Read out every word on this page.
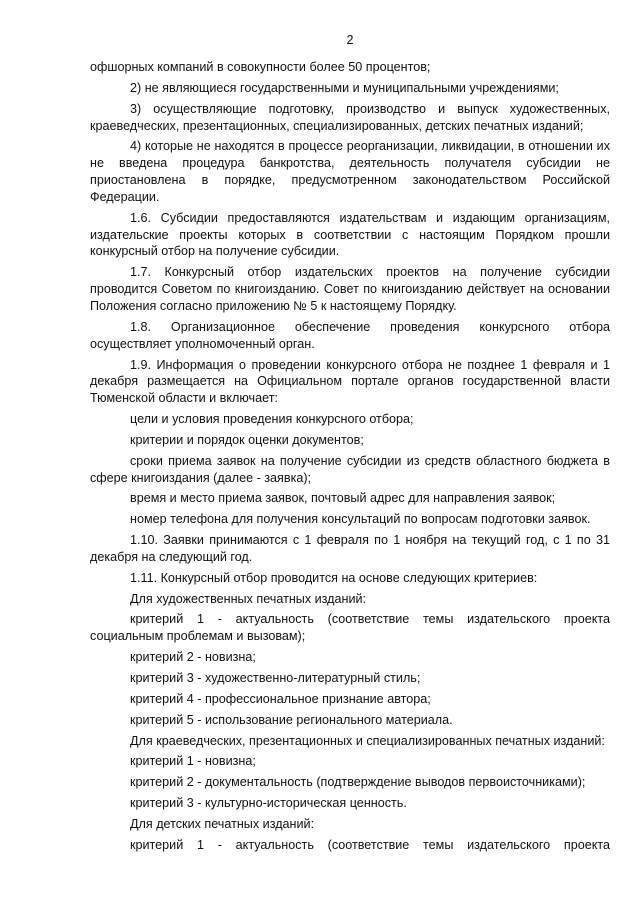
2

офшорных компаний в совокупности более 50 процентов;

2) не являющиеся государственными и муниципальными учреждениями;

3) осуществляющие подготовку, производство и выпуск художественных, краеведческих, презентационных, специализированных, детских печатных изданий;

4) которые не находятся в процессе реорганизации, ликвидации, в отношении их не введена процедура банкротства, деятельность получателя субсидии не приостановлена в порядке, предусмотренном законодательством Российской Федерации.

1.6. Субсидии предоставляются издательствам и издающим организациям, издательские проекты которых в соответствии с настоящим Порядком прошли конкурсный отбор на получение субсидии.

1.7. Конкурсный отбор издательских проектов на получение субсидии проводится Советом по книгоизданию. Совет по книгоизданию действует на основании Положения согласно приложению № 5 к настоящему Порядку.

1.8. Организационное обеспечение проведения конкурсного отбора осуществляет уполномоченный орган.

1.9. Информация о проведении конкурсного отбора не позднее 1 февраля и 1 декабря размещается на Официальном портале органов государственной власти Тюменской области и включает:

цели и условия проведения конкурсного отбора;

критерии и порядок оценки документов;

сроки приема заявок на получение субсидии из средств областного бюджета в сфере книгоиздания (далее - заявка);

время и место приема заявок, почтовый адрес для направления заявок;

номер телефона для получения консультаций по вопросам подготовки заявок.

1.10. Заявки принимаются с 1 февраля по 1 ноября на текущий год, с 1 по 31 декабря на следующий год.

1.11. Конкурсный отбор проводится на основе следующих критериев:

Для художественных печатных изданий:

критерий 1 - актуальность (соответствие темы издательского проекта социальным проблемам и вызовам);

критерий 2 - новизна;

критерий 3 - художественно-литературный стиль;

критерий 4 - профессиональное признание автора;

критерий 5 - использование регионального материала.

Для краеведческих, презентационных и специализированных печатных изданий:

критерий 1 - новизна;

критерий 2 - документальность (подтверждение выводов первоисточниками);

критерий 3 - культурно-историческая ценность.

Для детских печатных изданий:

критерий 1 - актуальность (соответствие темы издательского проекта
